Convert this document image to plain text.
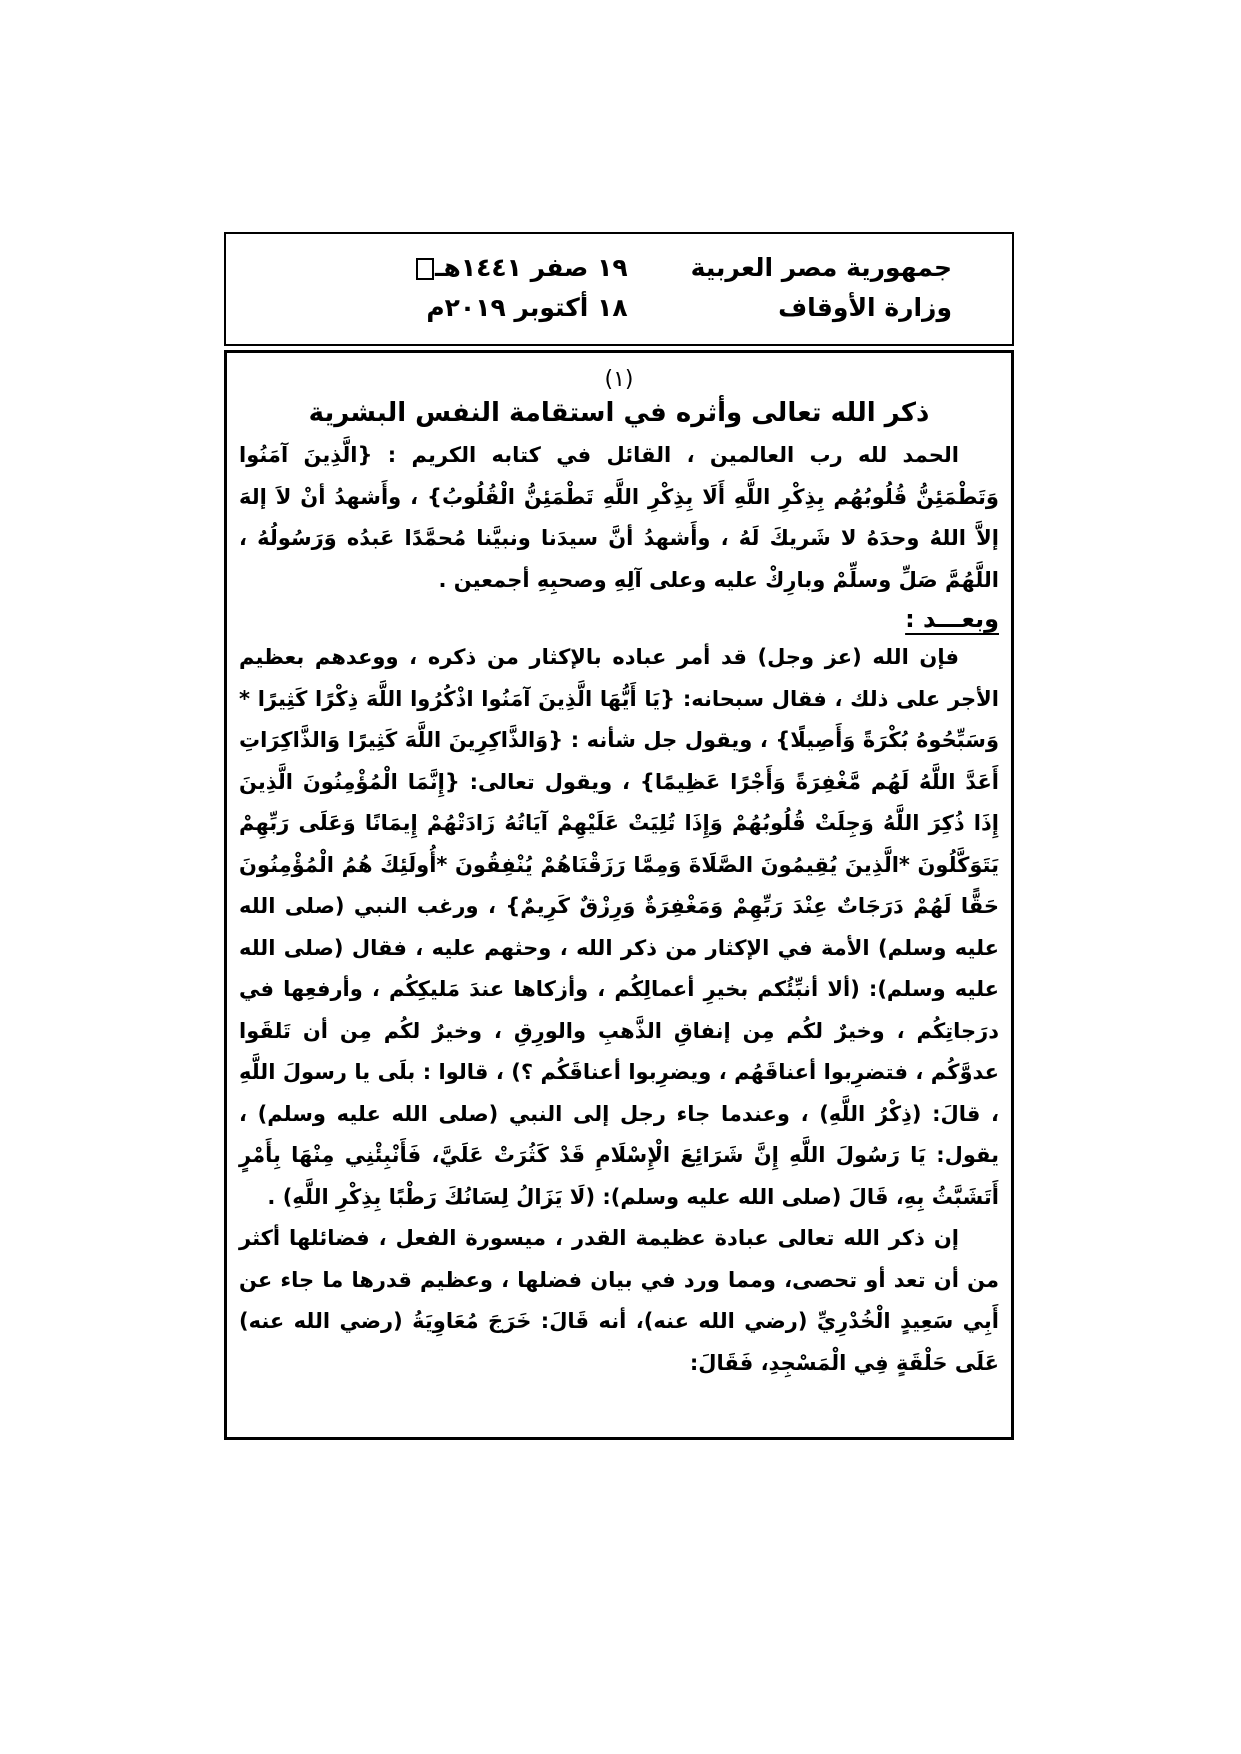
جمهورية مصر العربية
وزارة الأوقاف
١٩ صفر ١٤٤١هـ
١٨ أكتوبر ٢٠١٩م

(١)

ذكر الله تعالى وأثره في استقامة النفس البشرية

الحمد لله رب العالمين ، القائل في كتابه الكريم : {الَّذِينَ آمَنُوا وَتَطْمَئِنُّ قُلُوبُهُم بِذِكْرِ اللَّهِ أَلَا بِذِكْرِ اللَّهِ تَطْمَئِنُّ الْقُلُوبُ} ، وأَشهدُ أنْ لاَ إلهَ إلاَّ اللهُ وحدَهُ لا شَريكَ لَهُ ، وأَشهدُ أنَّ سيدَنا ونبيَّنا مُحمَّدًا عَبدُه وَرَسُولُهُ ، اللَّهُمَّ صَلِّ وسلِّمْ وبارِكْ عليه وعلى آلِهِ وصحبِهِ أجمعين .

وبعـــد :

فإن الله (عز وجل) قد أمر عباده بالإكثار من ذكره ، ووعدهم بعظيم الأجر على ذلك ، فقال سبحانه: {يَا أَيُّهَا الَّذِينَ آمَنُوا اذْكُرُوا اللَّهَ ذِكْرًا كَثِيرًا * وَسَبِّحُوهُ بُكْرَةً وَأَصِيلًا} ، ويقول جل شأنه : {وَالذَّاكِرِينَ اللَّهَ كَثِيرًا وَالذَّاكِرَاتِ أَعَدَّ اللَّهُ لَهُم مَّغْفِرَةً وَأَجْرًا عَظِيمًا} ، ويقول تعالى: {إِنَّمَا الْمُؤْمِنُونَ الَّذِينَ إِذَا ذُكِرَ اللَّهُ وَجِلَتْ قُلُوبُهُمْ وَإِذَا تُلِيَتْ عَلَيْهِمْ آيَاتُهُ زَادَتْهُمْ إِيمَانًا وَعَلَى رَبِّهِمْ يَتَوَكَّلُونَ *الَّذِينَ يُقِيمُونَ الصَّلَاةَ وَمِمَّا رَزَقْنَاهُمْ يُنْفِقُونَ *أُولَئِكَ هُمُ الْمُؤْمِنُونَ حَقًّا لَهُمْ دَرَجَاتٌ عِنْدَ رَبِّهِمْ وَمَغْفِرَةٌ وَرِزْقٌ كَرِيمٌ} ، ورغب النبي (صلى الله عليه وسلم) الأمة في الإكثار من ذكر الله ، وحثهم عليه ، فقال (صلى الله عليه وسلم): (ألا أنبِّئُكم بخيرِ أعمالِكُم ، وأزكاها عندَ مَليكِكُم ، وأرفعِها في درَجاتِكُم ، وخيرٌ لكُم مِن إنفاقِ الذَّهبِ والورِقِ ، وخيرٌ لكُم مِن أن تَلقَوا عدوَّكُم ، فتضرِبوا أعناقَهُم ، ويضرِبوا أعناقَكُم ؟) ، قالوا : بلَى يا رسولَ اللَّهِ ، قالَ: (ذِكْرُ اللَّهِ) ، وعندما جاء رجل إلى النبي (صلى الله عليه وسلم) ، يقول: يَا رَسُولَ اللَّهِ إِنَّ شَرَائِعَ الْإِسْلَامِ قَدْ كَثُرَتْ عَلَيَّ، فَأَنْبِئْنِي مِنْهَا بِأَمْرٍ أَتَشَبَّثُ بِهِ، قَالَ (صلى الله عليه وسلم): (لَا يَزَالُ لِسَانُكَ رَطْبًا بِذِكْرِ اللَّهِ) .

إن ذكر الله تعالى عبادة عظيمة القدر ، ميسورة الفعل ، فضائلها أكثر من أن تعد أو تحصى، ومما ورد في بيان فضلها ، وعظيم قدرها ما جاء عن أَبِي سَعِيدٍ الْخُدْرِيِّ (رضي الله عنه)، أنه قَالَ: خَرَجَ مُعَاوِيَةُ (رضي الله عنه) عَلَى حَلْقَةٍ فِي الْمَسْجِدِ، فَقَالَ:
